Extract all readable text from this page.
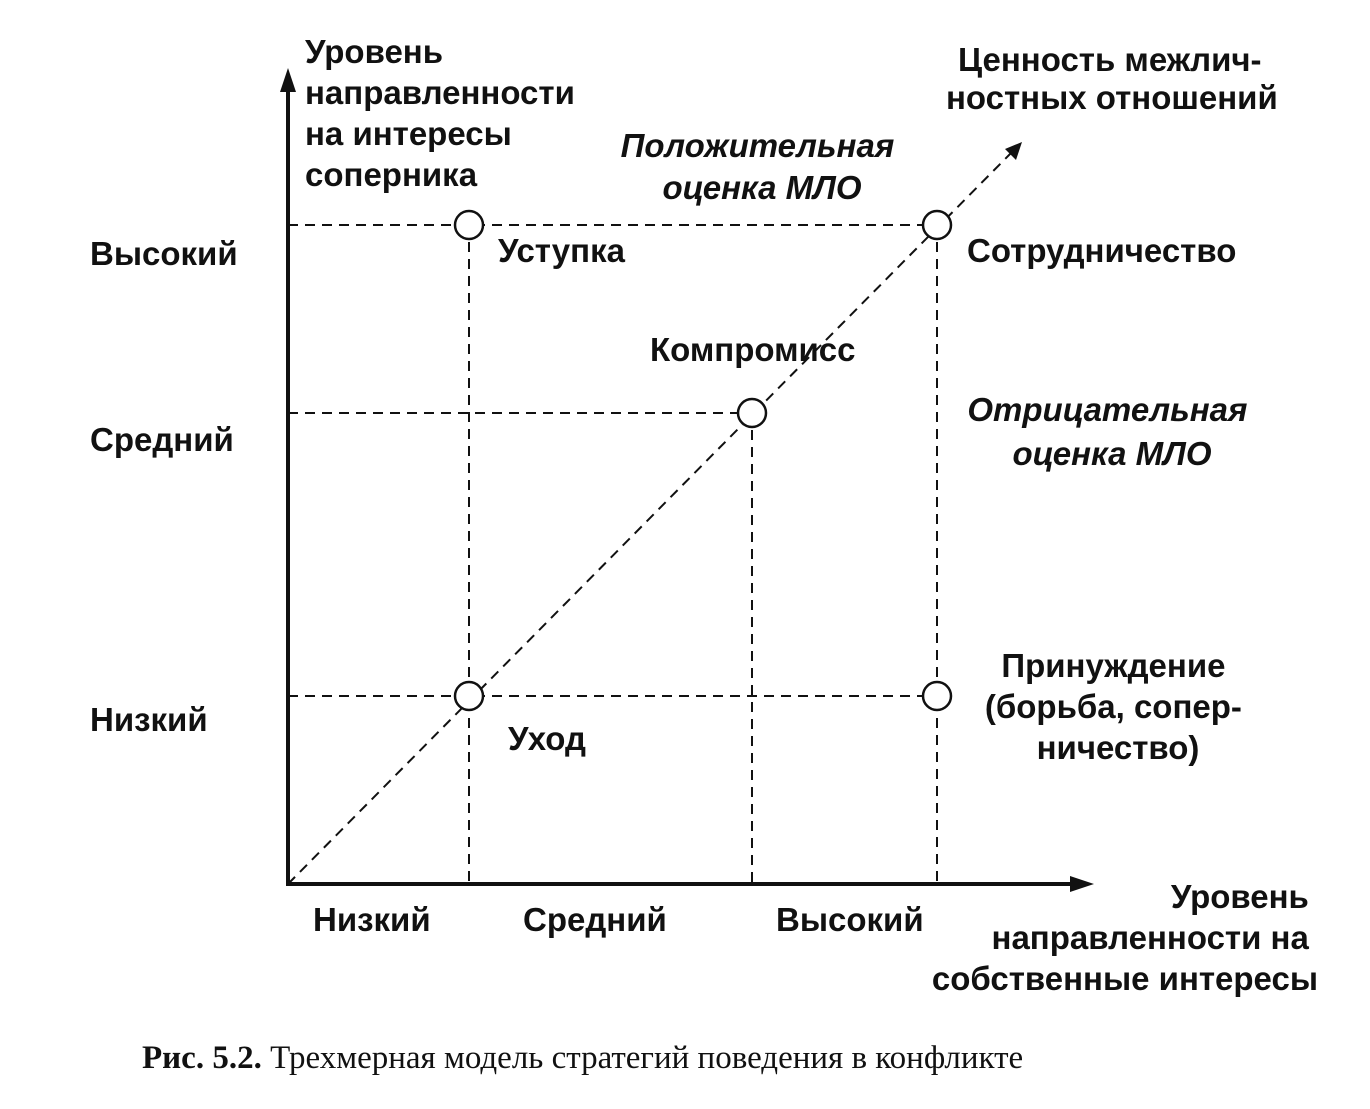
Уровень направленности на интересы соперника
Высокий
Средний
Низкий
Низкий	Средний	Высокий
Уровень направленности на собственные интересы
Ценность межлич- ностных отношений
Положительная оценка МЛО
Отрицательная оценка МЛО
Уступка	Сотрудничество
Компромисс
Уход
Принуждение (борьба, сопер- ничество)
Рис. 5.2. Трехмерная модель стратегий поведения в конфликте
